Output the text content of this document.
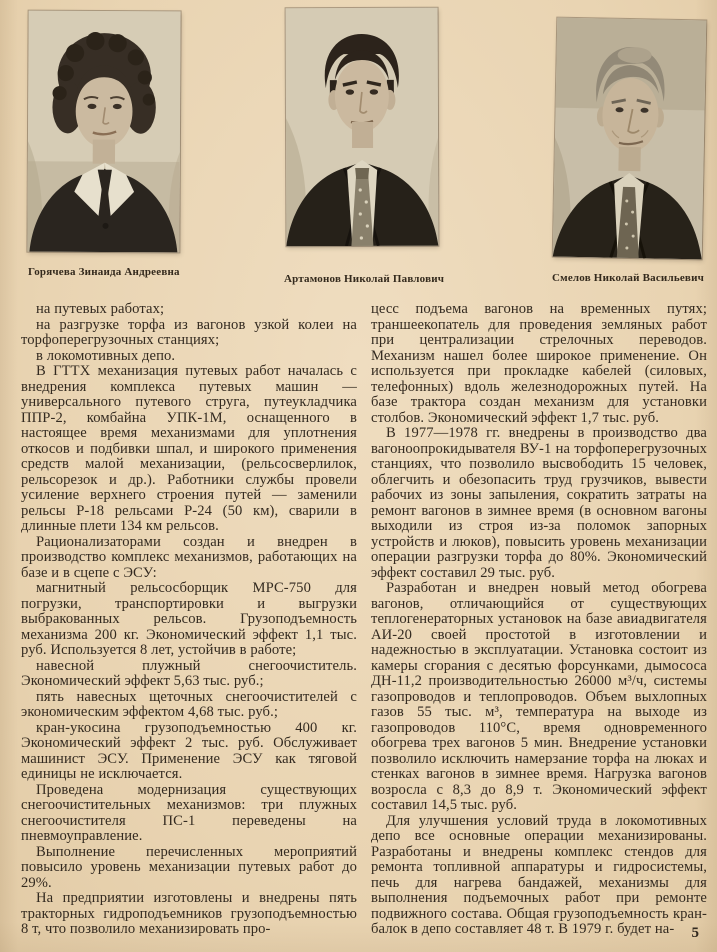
Горячева Зинаида Андреевна
Артамонов Николай Павлович	Смелов Николай Васильевич

на путевых работах;

на разгрузке торфа из вагонов узкой колеи на торфоперегрузочных станциях;

в локомотивных депо.

В ГТТХ механизация путевых работ началась с внедрения комплекса путевых машин — универсального путевого струга, путеукладчика ППР-2, комбайна УПК-1М, оснащенного в настоящее время механизмами для уплотнения откосов и подбивки шпал, и широкого применения средств малой механизации, (рельсосверлилок, рельсорезок и др.). Работники службы провели усиление верхнего строения путей — заменили рельсы Р-18 рельсами Р-24 (50 км), сварили в длинные плети 134 км рельсов.

Рационализаторами создан и внедрен в производство комплекс механизмов, работающих на базе и в сцепе с ЭСУ:

магнитный рельсосборщик МРС-750 для погрузки, транспортировки и выгрузки выбракованных рельсов. Грузоподъемность механизма 200 кг. Экономический эффект 1,1 тыс. руб. Используется 8 лет, устойчив в работе;

навесной плужный снегоочиститель. Экономический эффект 5,63 тыс. руб.;

пять навесных щеточных снегоочистителей с экономическим эффектом 4,68 тыс. руб.;

кран-укосина грузоподъемностью 400 кг. Экономический эффект 2 тыс. руб. Обслуживает машинист ЭСУ. Применение ЭСУ как тяговой единицы не исключается.

Проведена модернизация существующих снегоочистительных механизмов: три плужных снегоочистителя ПС-1 переведены на пневмоуправление.

Выполнение перечисленных мероприятий повысило уровень механизации путевых работ до 29%.

На предприятии изготовлены и внедрены пять тракторных гидроподъемников грузоподъемностью 8 т, что позволило механизировать про-

цесс подъема вагонов на временных путях; траншеекопатель для проведения земляных работ при централизации стрелочных переводов. Механизм нашел более широкое применение. Он используется при прокладке кабелей (силовых, телефонных) вдоль железнодорожных путей. На базе трактора создан механизм для установки столбов. Экономический эффект 1,7 тыс. руб.

В 1977—1978 гг. внедрены в производство два вагоноопрокидывателя ВУ-1 на торфоперегрузочных станциях, что позволило высвободить 15 человек, облегчить и обезопасить труд грузчиков, вывести рабочих из зоны запыления, сократить затраты на ремонт вагонов в зимнее время (в основном вагоны выходили из строя из-за поломок запорных устройств и люков), повысить уровень механизации операции разгрузки торфа до 80%. Экономический эффект составил 29 тыс. руб.

Разработан и внедрен новый метод обогрева вагонов, отличающийся от существующих теплогенераторных установок на базе авиадвигателя АИ-20 своей простотой в изготовлении и надежностью в эксплуатации. Установка состоит из камеры сгорания с десятью форсунками, дымососа ДН-11,2 производительностью 26000 м³/ч, системы газопроводов и теплопроводов. Объем выхлопных газов 55 тыс. м³, температура на выходе из газопроводов 110°С, время одновременного обогрева трех вагонов 5 мин. Внедрение установки позволило исключить намерзание торфа на люках и стенках вагонов в зимнее время. Нагрузка вагонов возросла с 8,3 до 8,9 т. Экономический эффект составил 14,5 тыс. руб.

Для улучшения условий труда в локомотивных депо все основные операции механизированы. Разработаны и внедрены комплекс стендов для ремонта топливной аппаратуры и гидросистемы, печь для нагрева бандажей, механизмы для выполнения подъемочных работ при ремонте подвижного состава. Общая грузоподъемность кран-балок в депо составляет 48 т. В 1979 г. будет на-	5
